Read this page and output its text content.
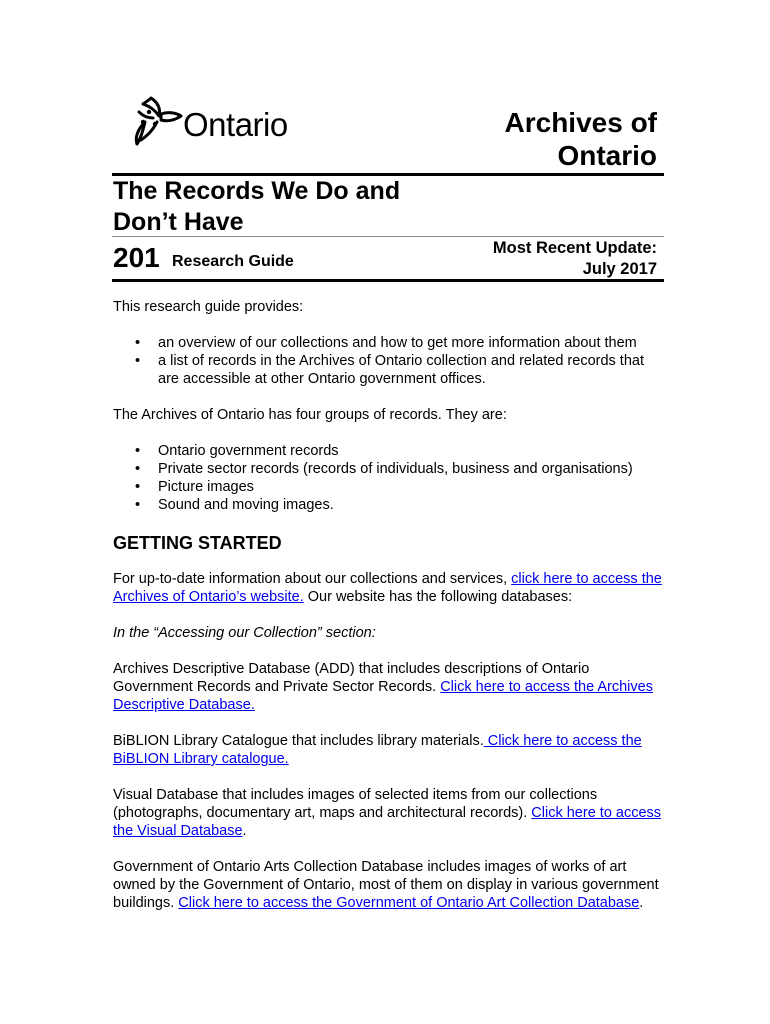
Ontario	Archives of
Ontario
The Records We Do and
Don’t Have
201 Research Guide
Most Recent Update:
July 2017

This research guide provides:

• an overview of our collections and how to get more information about them
• a list of records in the Archives of Ontario collection and related records that are accessible at other Ontario government offices.

The Archives of Ontario has four groups of records. They are:

• Ontario government records
• Private sector records (records of individuals, business and organisations)
• Picture images
• Sound and moving images.
GETTING STARTED

For up-to-date information about our collections and services, click here to access the Archives of Ontario’s website. Our website has the following databases:

In the “Accessing our Collection” section:

Archives Descriptive Database (ADD) that includes descriptions of Ontario Government Records and Private Sector Records. Click here to access the Archives Descriptive Database.

BiBLION Library Catalogue that includes library materials. Click here to access the BiBLION Library catalogue.

Visual Database that includes images of selected items from our collections (photographs, documentary art, maps and architectural records). Click here to access the Visual Database.

Government of Ontario Arts Collection Database includes images of works of art owned by the Government of Ontario, most of them on display in various government buildings. Click here to access the Government of Ontario Art Collection Database.
